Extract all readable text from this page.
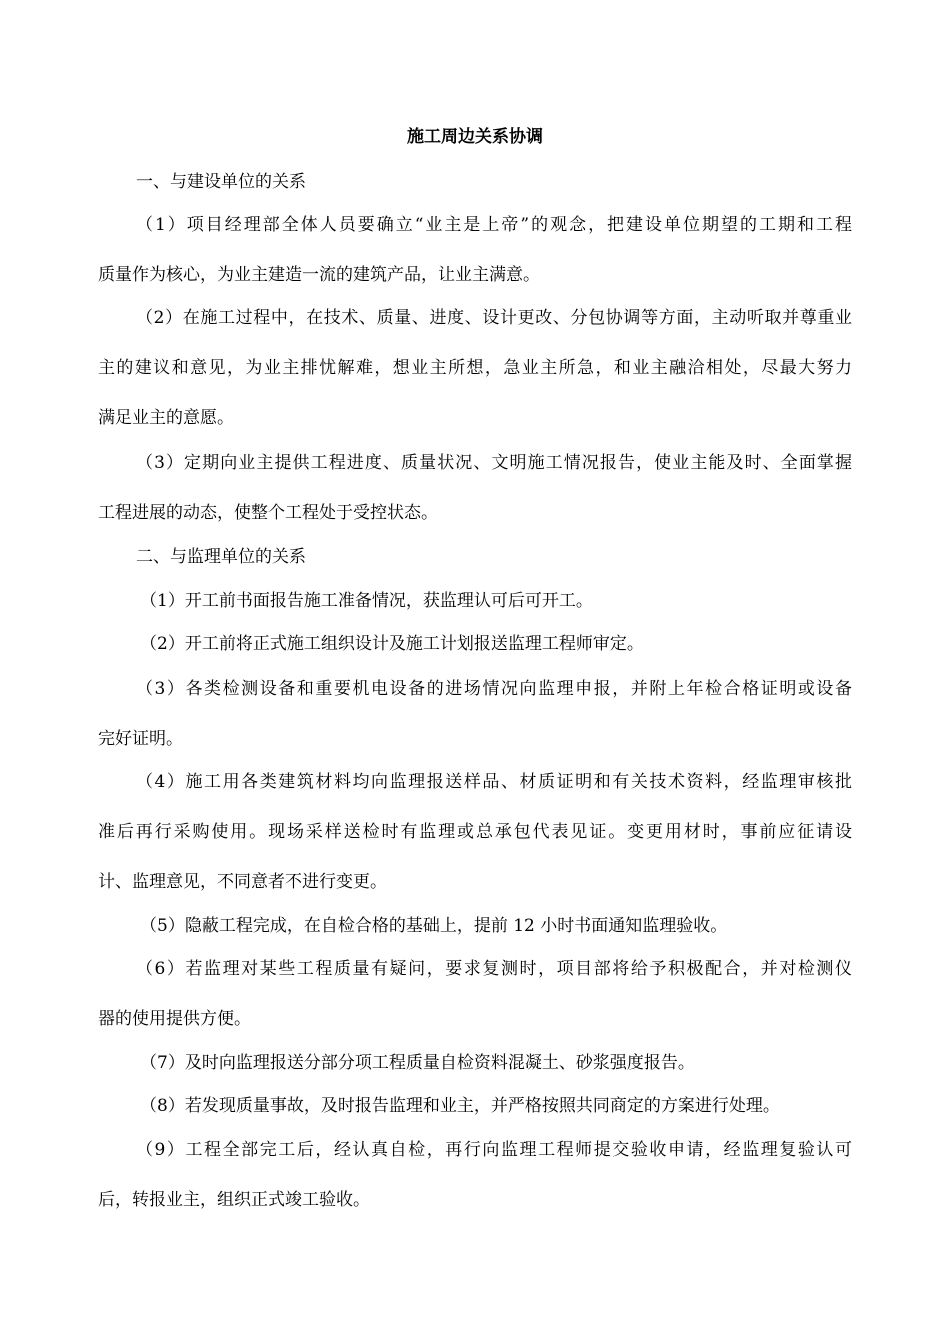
施工周边关系协调
一、与建设单位的关系
（1）项目经理部全体人员要确立“业主是上帝”的观念，把建设单位期望的工期和工程
质量作为核心，为业主建造一流的建筑产品，让业主满意。
（2）在施工过程中，在技术、质量、进度、设计更改、分包协调等方面，主动听取并尊重业
主的建议和意见，为业主排忧解难，想业主所想，急业主所急，和业主融洽相处，尽最大努力
满足业主的意愿。
（3）定期向业主提供工程进度、质量状况、文明施工情况报告，使业主能及时、全面掌握
工程进展的动态，使整个工程处于受控状态。
二、与监理单位的关系
（1）开工前书面报告施工准备情况，获监理认可后可开工。
（2）开工前将正式施工组织设计及施工计划报送监理工程师审定。
（3）各类检测设备和重要机电设备的进场情况向监理申报，并附上年检合格证明或设备
完好证明。
（4）施工用各类建筑材料均向监理报送样品、材质证明和有关技术资料，经监理审核批
准后再行采购使用。现场采样送检时有监理或总承包代表见证。变更用材时，事前应征请设
计、监理意见，不同意者不进行变更。
（5）隐蔽工程完成，在自检合格的基础上，提前 12 小时书面通知监理验收。
（6）若监理对某些工程质量有疑问，要求复测时，项目部将给予积极配合，并对检测仪
器的使用提供方便。
（7）及时向监理报送分部分项工程质量自检资料混凝土、砂浆强度报告。
（8）若发现质量事故，及时报告监理和业主，并严格按照共同商定的方案进行处理。
（9）工程全部完工后，经认真自检，再行向监理工程师提交验收申请，经监理复验认可
后，转报业主，组织正式竣工验收。
